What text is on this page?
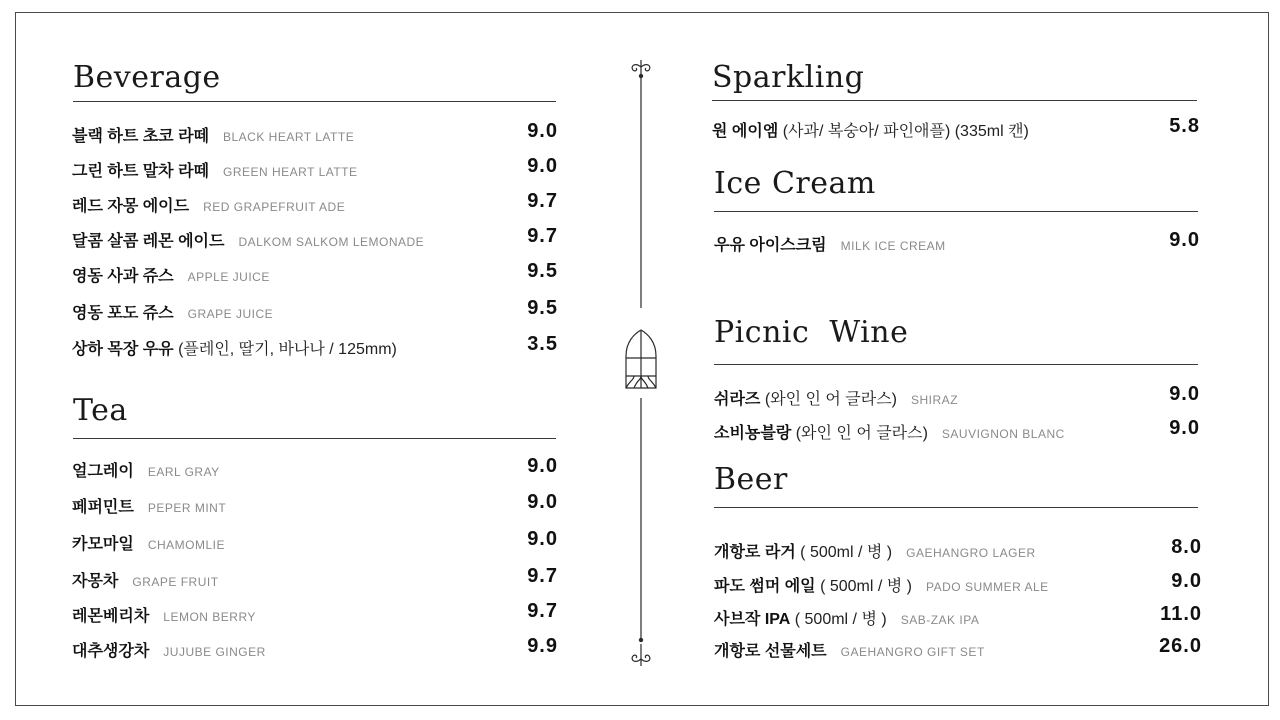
Beverage
블랙 하트 초코 라떼 BLACK HEART LATTE	9.0
그린 하트 말차 라떼 GREEN HEART LATTE	9.0
레드 자몽 에이드 RED GRAPEFRUIT ADE	9.7
달콤 살콤 레몬 에이드 DALKOM SALKOM LEMONADE	9.7
영동 사과 쥬스 APPLE JUICE	9.5
영동 포도 쥬스 GRAPE JUICE	9.5
상하 목장 우유 (플레인, 딸기, 바나나 / 125mm)	3.5
Tea
얼그레이 EARL GRAY	9.0
페퍼민트 PEPER MINT	9.0
카모마일 CHAMOMLIE	9.0
자몽차 GRAPE FRUIT	9.7
레몬베리차 LEMON BERRY	9.7
대추생강차 JUJUBE GINGER	9.9
Sparkling
원 에이엠 (사과/ 복숭아/ 파인애플) (335ml 캔)	5.8
Ice Cream
우유 아이스크림 MILK ICE CREAM	9.0
Picnic  Wine
쉬라즈 (와인 인 어 글라스) SHIRAZ	9.0
소비뇽블랑 (와인 인 어 글라스) SAUVIGNON BLANC	9.0
Beer
개항로 라거 ( 500ml / 병 ) GAEHANGRO LAGER	8.0
파도 썸머 에일 ( 500ml / 병 ) PADO SUMMER ALE	9.0
사브작 IPA ( 500ml / 병 ) SAB-ZAK IPA	11.0
개항로 선물세트 GAEHANGRO GIFT SET	26.0
